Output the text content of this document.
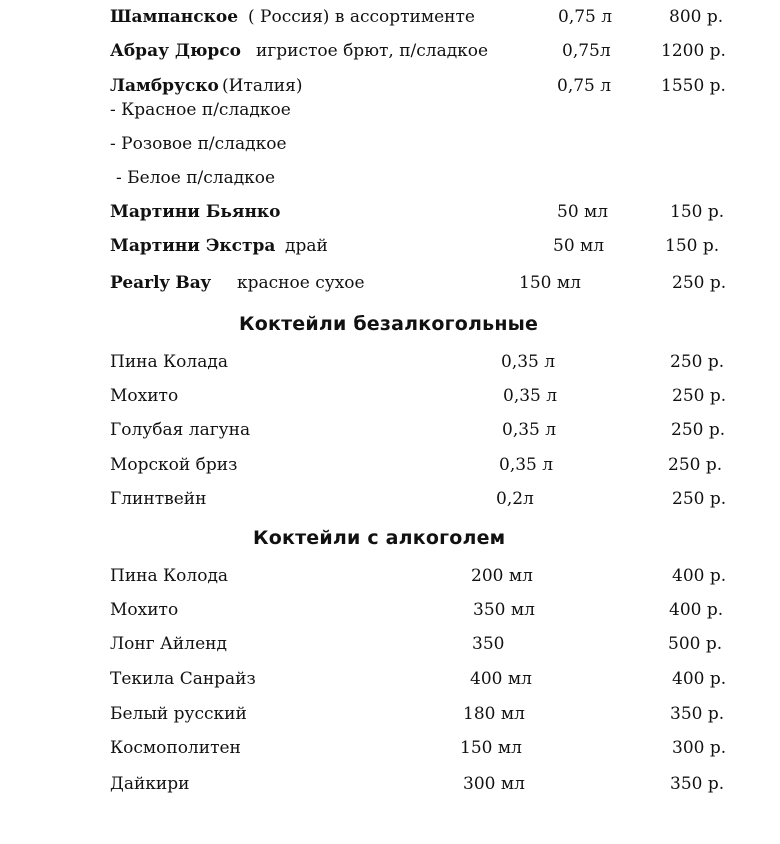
Шампанское ( Россия) в ассортименте	0,75 л	800 р.
Абрау Дюрсо игристое брют, п/сладкое	0,75л	1200 р.
Ламбруско (Италия)	0,75 л	1550 р.
- Красное п/сладкое
- Розовое п/сладкое
- Белое п/сладкое
Мартини Бьянко	50 мл	150 р.
Мартини Экстра драй	50 мл	150 р.
Pearly Bay красное сухое	150 мл	250 р.
Коктейли безалкогольные
Пина Колада	0,35 л	250 р.
Мохито	0,35 л	250 р.
Голубая лагуна	0,35 л	250 р.
Морской бриз	0,35 л	250 р.
Глинтвейн	0,2л	250 р.
Коктейли с алкоголем
Пина Колода	200 мл	400 р.
Мохито	350 мл	400 р.
Лонг Айленд	350	500 р.
Текила Санрайз	400 мл	400 р.
Белый русский	180 мл	350 р.
Космополитен	150 мл	300 р.
Дайкири	300 мл	350 р.
